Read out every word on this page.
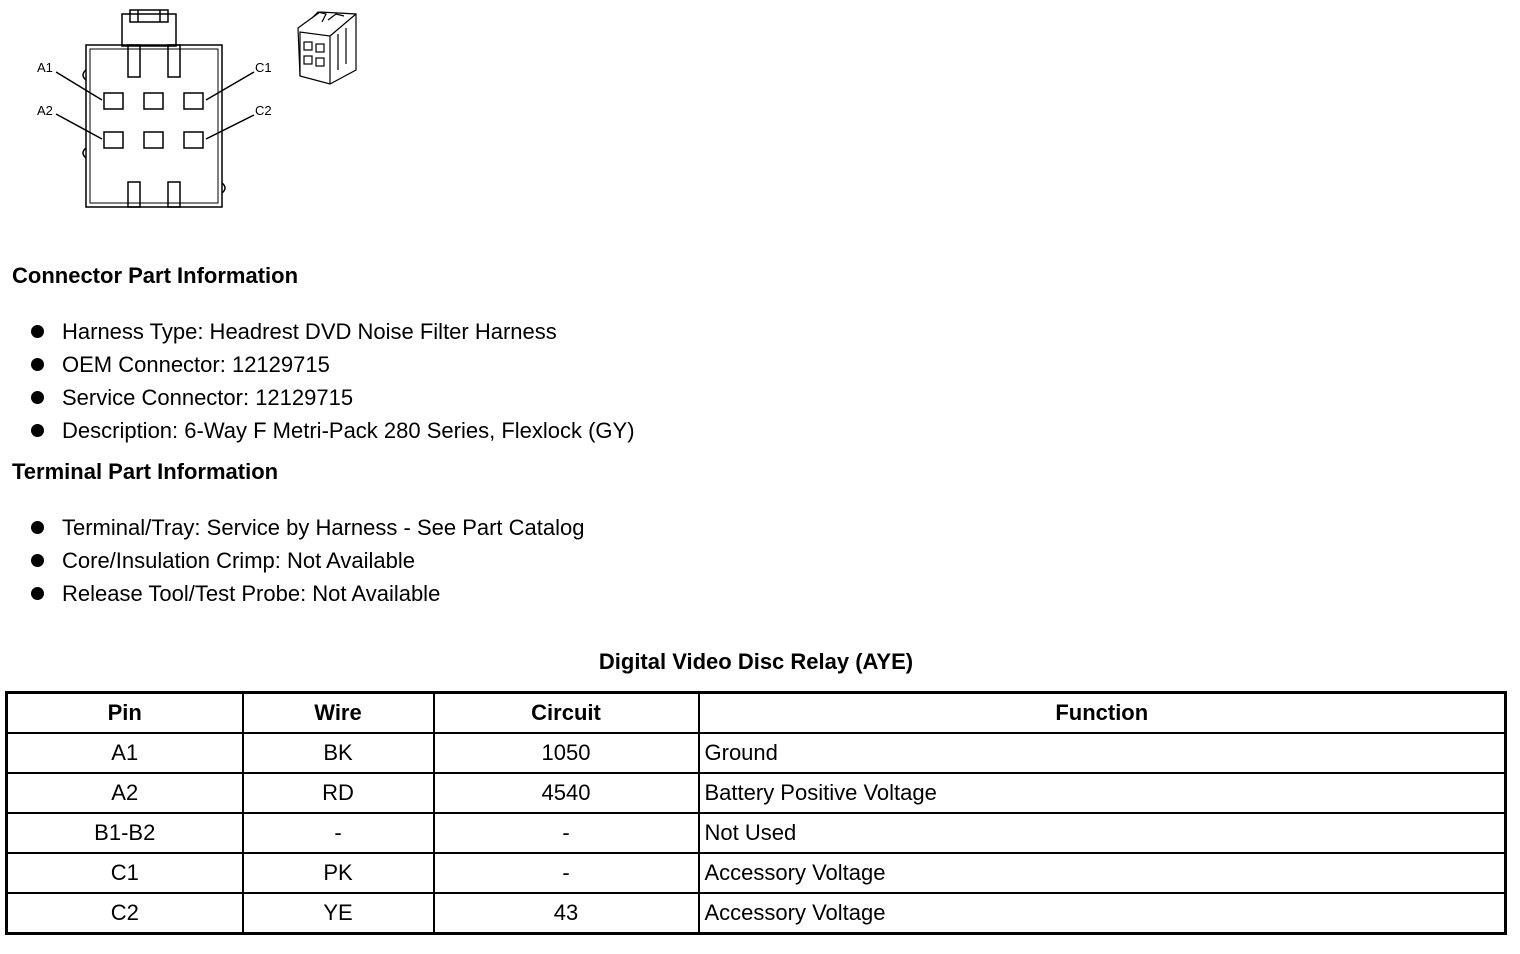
A1
A2
C1
C2
Connector Part Information
Harness Type: Headrest DVD Noise Filter Harness
OEM Connector: 12129715
Service Connector: 12129715
Description: 6-Way F Metri-Pack 280 Series, Flexlock (GY)
Terminal Part Information
Terminal/Tray: Service by Harness - See Part Catalog
Core/Insulation Crimp: Not Available
Release Tool/Test Probe: Not Available
Digital Video Disc Relay (AYE)
Pin	Wire	Circuit	Function
A1	BK	1050	Ground
A2	RD	4540	Battery Positive Voltage
B1-B2	-	-	Not Used
C1	PK	-	Accessory Voltage
C2	YE	43	Accessory Voltage
